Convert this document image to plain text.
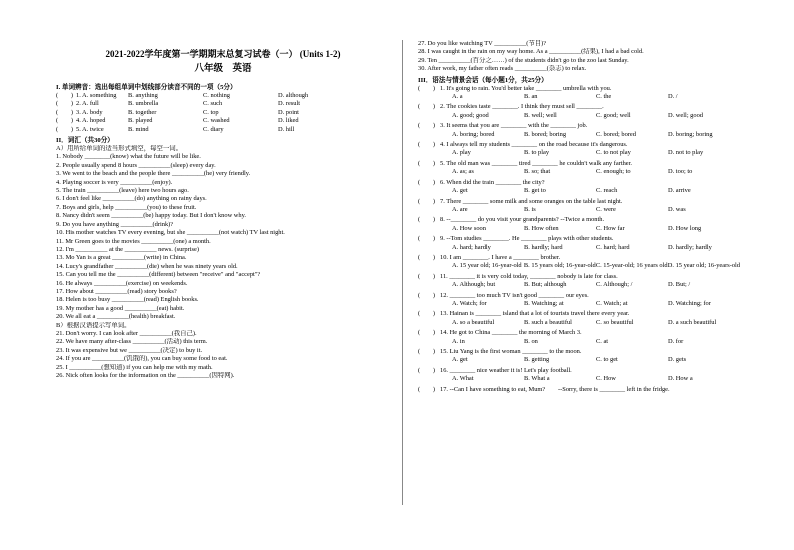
2021-2022学年度第一学期期末总复习试卷（一） (Units 1-2)
八年级　英语
I. 单词辨音：选出每组单词中划线部分读音不同的一项（5分）
(　　) 1. A. something	B. anything	C. nothing	D. although
(　　) 2. A. full	B. umbrella	C. such	D. result
(　　) 3. A. body	B. together	C. top	D. point
(　　) 4. A. hoped	B. played	C. washed	D. liked
(　　) 5. A. twice	B. mind	C. diary	D. hill
II．词汇（共30分）
A）用所给单词的适当形式填空，每空一词。
1. Nobody ________(know) what the future will be like.
2. People usually spend 8 hours __________(sleep) every day.
3. We went to the beach and the people there __________(he) very friendly.
4. Playing soccer is very __________(enjoy).
5. The train __________(leave) here two hours ago.
6. I don't feel like __________(do) anything on rainy days.
7. Boys and girls, help __________(you) to these fruit.
8. Nancy didn't seem __________(be) happy today. But I don't know why.
9. Do you have anything __________(drink)?
10. His mother watches TV every evening, but she __________(not watch) TV last night.
11. Mr Green goes to the movies __________(one) a month.
12. I'm __________ at the __________ news. (surprise)
13. Mo Yan is a great __________(write) in China.
14. Lucy's grandfather __________(die) when he was ninety years old.
15. Can you tell me the __________(different) between "receive" and "accept"?
16. He always __________(exercise) on weekends.
17. How about __________(read) story books?
18. Helen is too busy __________(read) English books.
19. My mother has a good __________(eat) habit.
20. We all eat a __________(health) breakfast.
B）根据汉语提示写单词。
21. Don't worry. I can look after __________(我自己).
22. We have many after-class __________(活动) this term.
23. It was expensive but we __________(决定) to buy it.
24. If you are __________(饥饿的), you can buy some food to eat.
25. I __________(想知道) if you can help me with my math.
26. Nick often looks for the information on the __________(因特网).
27. Do you like watching TV __________(节目)?
28. I was caught in the rain on my way home. As a __________(结果), I had a bad cold.
29. Ten __________(百分之……) of the students didn't go to the zoo last Sunday.
30. After work, my father often reads __________(杂志) to relax.
III．语法与情景会话（每小题1分，共25分）
(　　) 1. It's going to rain. You'd better take ________ umbrella with you.
A. a	B. an	C. the	D. /
(　　) 2. The cookies taste ________. I think they must sell ________.
A. good; good	B. well; well	C. good; well	D. well; good
(　　) 3. It seems that you are ________ with the ________ job.
A. boring; bored	B. bored; boring	C. bored; bored	D. boring; boring
(　　) 4. I always tell my students ________ on the road because it's dangerous.
A. play	B. to play	C. to not play	D. not to play
(　　) 5. The old man was ________ tired ________ he couldn't walk any farther.
A. as; as	B. so; that	C. enough; to	D. too; to
(　　) 6. When did the train ________ the city?
A. get	B. get to	C. reach	D. arrive
(　　) 7. There ________ some milk and some oranges on the table last night.
A. are	B. is	C. were	D. was
(　　) 8. --________ do you visit your grandparents? --Twice a month.
A. How soon	B. How often	C. How far	D. How long
(　　) 9. --Tom studies ________. He ________ plays with other students.
A. hard; hardly	B. hardly; hard	C. hard; hard	D. hardly; hardly
(　　) 10. I am ________. I have a ________ brother.
A. 15 year old; 16-year-old B. 15 years old; 16-year-old C. 15-year-old; 16 years old D. 15 year old; 16-years-old
(　　) 11. ________ it is very cold today, ________ nobody is late for class.
A. Although; but	B. But; although	C. Although; /	D. But; /
(　　) 12. ________ too much TV isn't good ________ our eyes.
A. Watch; for	B. Watching; at	C. Watch; at	D. Watching; for
(　　) 13. Hainan is ________ island that a lot of tourists travel there every year.
A. so a beautiful	B. such a beautiful	C. so beautiful	D. a such beautiful
(　　) 14. He got to China ________ the morning of March 3.
A. in	B. on	C. at	D. for
(　　) 15. Liu Yang is the first woman ________ to the moon.
A. get	B. getting	C. to get	D. gets
(　　) 16. ________ nice weather it is! Let's play football.
A. What	B. What a	C. How	D. How a
(　　) 17. --Can I have something to eat, Mum?　　--Sorry, there is ________ left in the fridge.
